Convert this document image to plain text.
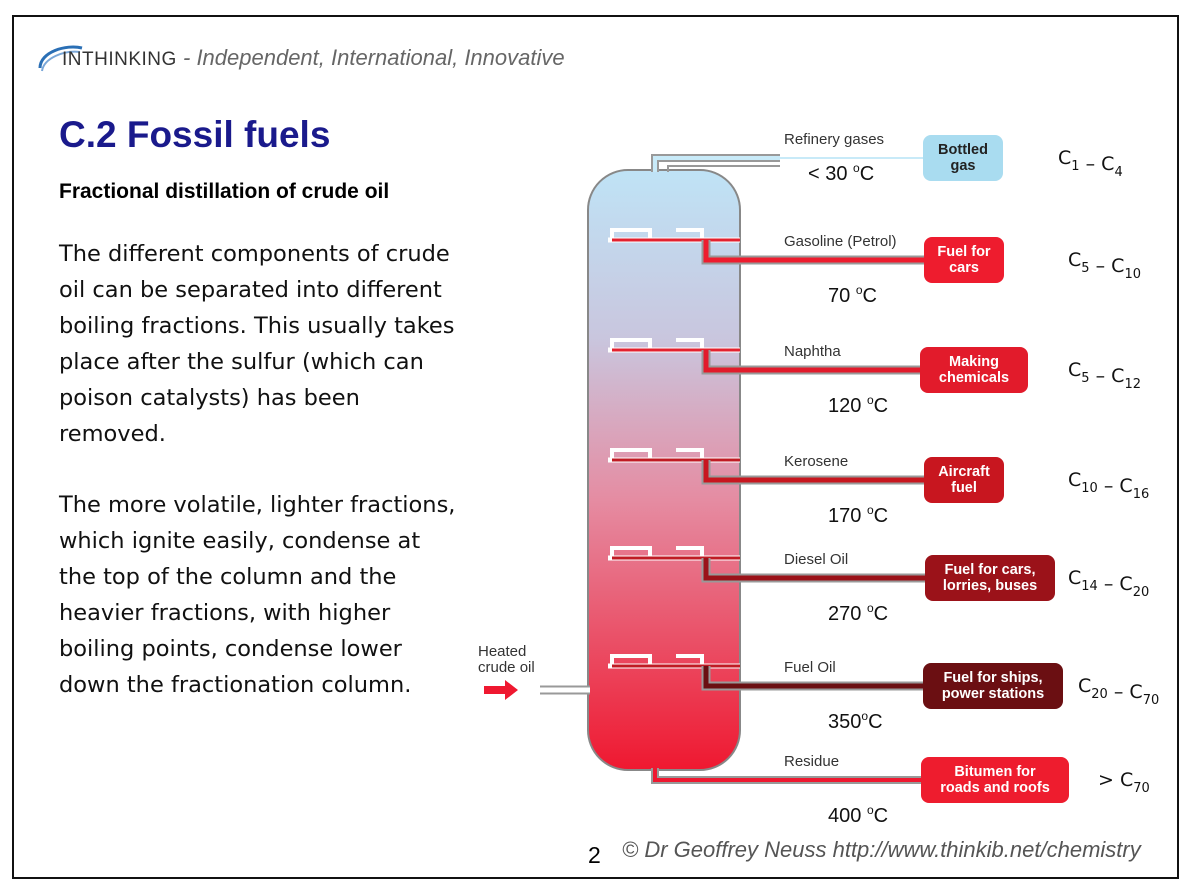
INTHINKING - Independent, International, Innovative
C.2 Fossil fuels
Fractional distillation of crude oil
The different components of crude oil can be separated into different boiling fractions. This usually takes place after the sulfur (which can poison catalysts) has been removed.
The more volatile, lighter fractions, which ignite easily, condense at the top of the column and the heavier fractions, with higher boiling points, condense lower down the fractionation column.
Heated
crude oil
Refinery gases
< 30 $^o$C
Bottled
gas	$C_1 - C_4$
Gasoline (Petrol)
70 $^o$C
Fuel for
cars	$C_5 - C_{10}$
Naphtha
120 $^o$C
Making
chemicals	$C_5 - C_{12}$
Kerosene
170 $^o$C
Aircraft
fuel	$C_{10} - C_{16}$
Diesel Oil
270 $^o$C
Fuel for cars,
lorries, buses $C_{14} - C_{20}$
Fuel Oil
350$^o$C
Fuel for ships,
power stations $C_{20} - C_{70}$
Residue
400 $^o$C
Bitumen for
roads and roofs	> $C_{70}$
2 © Dr Geoffrey Neuss http://www.thinkib.net/chemistry
